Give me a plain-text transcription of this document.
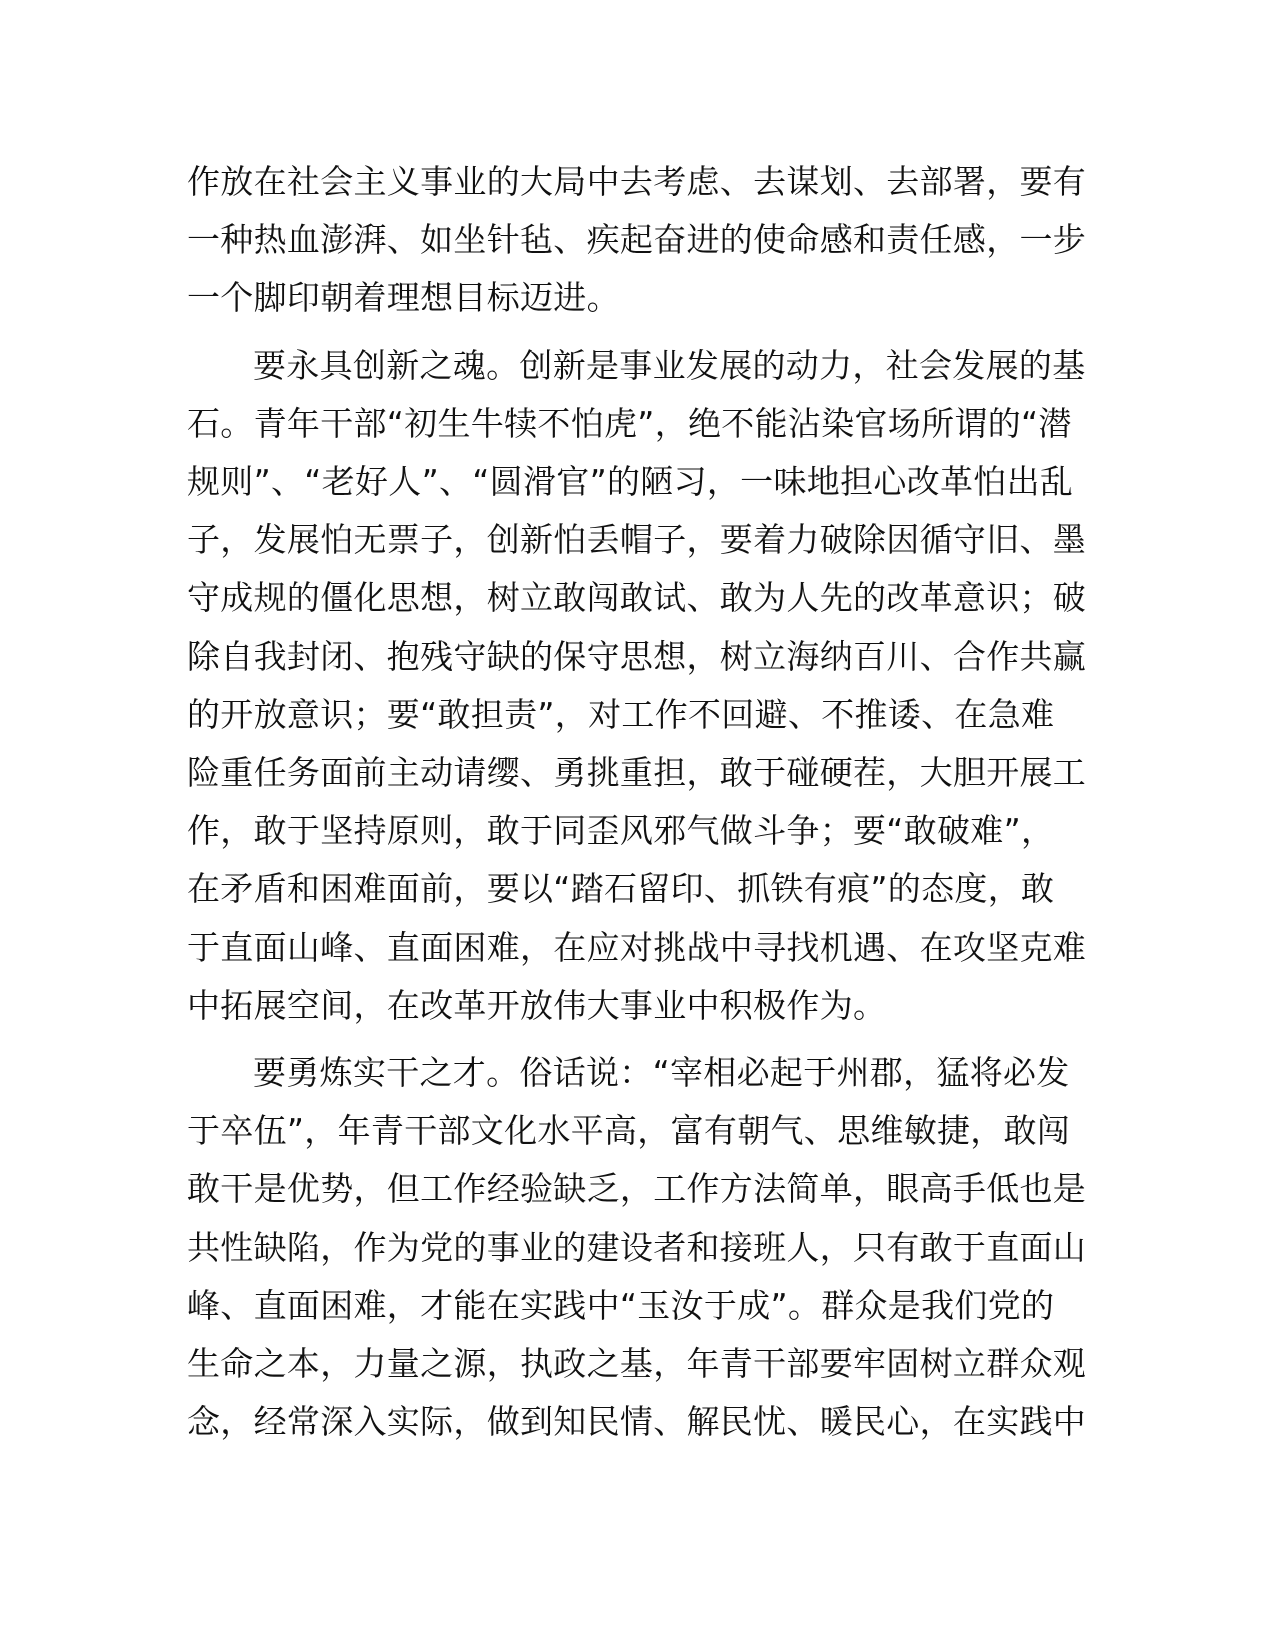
作放在社会主义事业的大局中去考虑、去谋划、去部署，要有
一种热血澎湃、如坐针毡、疾起奋进的使命感和责任感，一步
一个脚印朝着理想目标迈进。

要永具创新之魂。创新是事业发展的动力，社会发展的基
石。青年干部“初生牛犊不怕虎”，绝不能沾染官场所谓的“潜
规则”、“老好人”、“圆滑官”的陋习，一味地担心改革怕出乱
子，发展怕无票子，创新怕丢帽子，要着力破除因循守旧、墨
守成规的僵化思想，树立敢闯敢试、敢为人先的改革意识；破
除自我封闭、抱残守缺的保守思想，树立海纳百川、合作共赢
的开放意识；要“敢担责”，对工作不回避、不推诿、在急难
险重任务面前主动请缨、勇挑重担，敢于碰硬茬，大胆开展工
作，敢于坚持原则，敢于同歪风邪气做斗争；要“敢破难”，
在矛盾和困难面前，要以“踏石留印、抓铁有痕”的态度，敢
于直面山峰、直面困难，在应对挑战中寻找机遇、在攻坚克难
中拓展空间，在改革开放伟大事业中积极作为。

要勇炼实干之才。俗话说：“宰相必起于州郡，猛将必发
于卒伍”，年青干部文化水平高，富有朝气、思维敏捷，敢闯
敢干是优势，但工作经验缺乏，工作方法简单，眼高手低也是
共性缺陷，作为党的事业的建设者和接班人，只有敢于直面山
峰、直面困难，才能在实践中“玉汝于成”。群众是我们党的
生命之本，力量之源，执政之基，年青干部要牢固树立群众观
念，经常深入实际，做到知民情、解民忧、暖民心，在实践中
